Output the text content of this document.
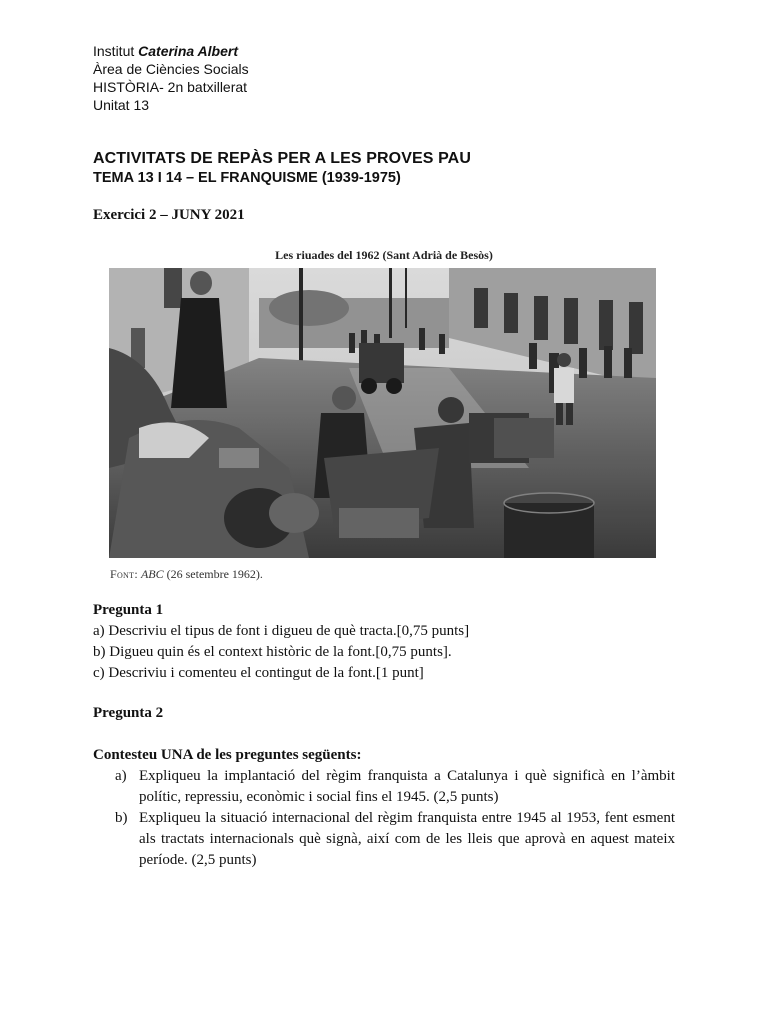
Institut Caterina Albert
Àrea de Ciències Socials
HISTÒRIA- 2n batxillerat
Unitat 13
ACTIVITATS DE REPÀS PER A LES PROVES PAU
TEMA 13 I 14 – EL FRANQUISME (1939-1975)
Exercici 2 – JUNY 2021
Les riuades del 1962 (Sant Adrià de Besòs)
Font: ABC (26 setembre 1962).
Pregunta 1
a) Descriviu el tipus de font i digueu de què tracta.[0,75 punts]
b) Digueu quin és el context històric de la font.[0,75 punts].
c) Descriviu i comenteu el contingut de la font.[1 punt]
Pregunta 2
Contesteu UNA de les preguntes següents:
a) Expliqueu la implantació del règim franquista a Catalunya i què significà en l’àmbit polític, repressiu, econòmic i social fins el 1945. (2,5 punts)
b) Expliqueu la situació internacional del règim franquista entre 1945 al 1953, fent esment als tractats internacionals què signà, així com de les lleis que aprovà en aquest mateix període. (2,5 punts)
